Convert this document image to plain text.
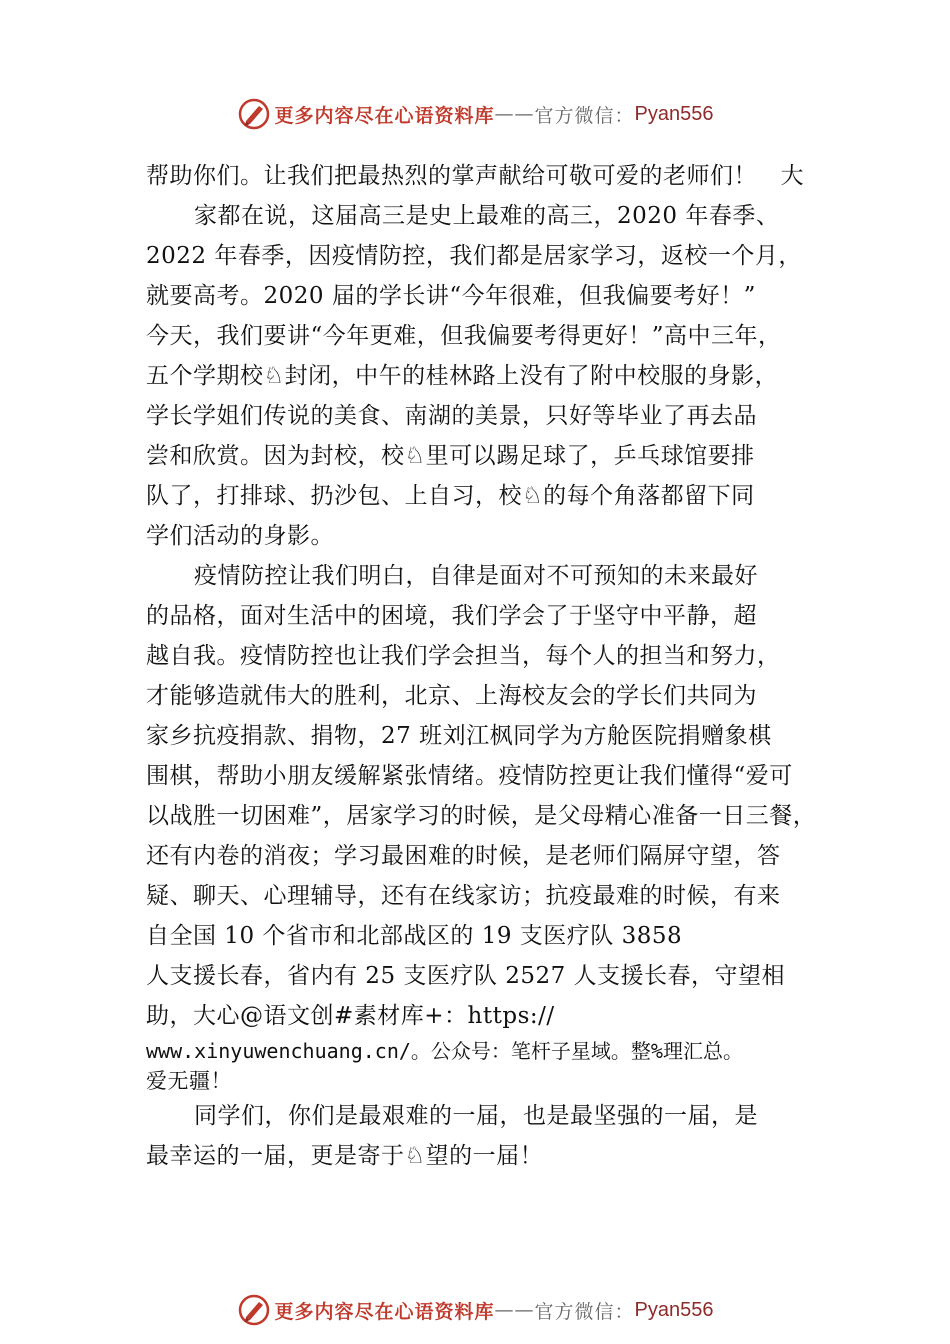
更多内容尽在心语资料库 —— 官方微信： Pyan556
帮助你们。让我们把最热烈的掌声献给可敬可爱的老师们！　大
家都在说，这届高三是史上最难的高三，2020 年春季、
2022 年春季，因疫情防控，我们都是居家学习，返校一个月，
就要高考。2020 届的学长讲“今年很难，但我偏要考好！”
今天，我们要讲“今年更难，但我偏要考得更好！”高中三年，
五个学期校♘封闭，中午的桂林路上没有了附中校服的身影，
学长学姐们传说的美食、南湖的美景，只好等毕业了再去品
尝和欣赏。因为封校，校♘里可以踢足球了，乒乓球馆要排
队了，打排球、扔沙包、上自习，校♘的每个角落都留下同
学们活动的身影。
疫情防控让我们明白，自律是面对不可预知的未来最好
的品格，面对生活中的困境，我们学会了于坚守中平静，超
越自我。疫情防控也让我们学会担当，每个人的担当和努力，
才能够造就伟大的胜利，北京、上海校友会的学长们共同为
家乡抗疫捐款、捐物，27 班刘江枫同学为方舱医院捐赠象棋
围棋，帮助小朋友缓解紧张情绪。疫情防控更让我们懂得“爱可
以战胜一切困难”，居家学习的时候，是父母精心准备一日三餐，
还有内卷的消夜；学习最困难的时候，是老师们隔屏守望，答
疑、聊天、心理辅导，还有在线家访；抗疫最难的时候，有来
自全国 10 个省市和北部战区的 19 支医疗队 3858
人支援长春，省内有 25 支医疗队 2527 人支援长春，守望相
助，大心@语文创#素材库+：https://
www.xinyuwenchuang.cn/。公众号：笔杆子星域。整%理汇总。
爱无疆！
同学们，你们是最艰难的一届，也是最坚强的一届，是
最幸运的一届，更是寄于♘望的一届！
更多内容尽在心语资料库 —— 官方微信： Pyan556
